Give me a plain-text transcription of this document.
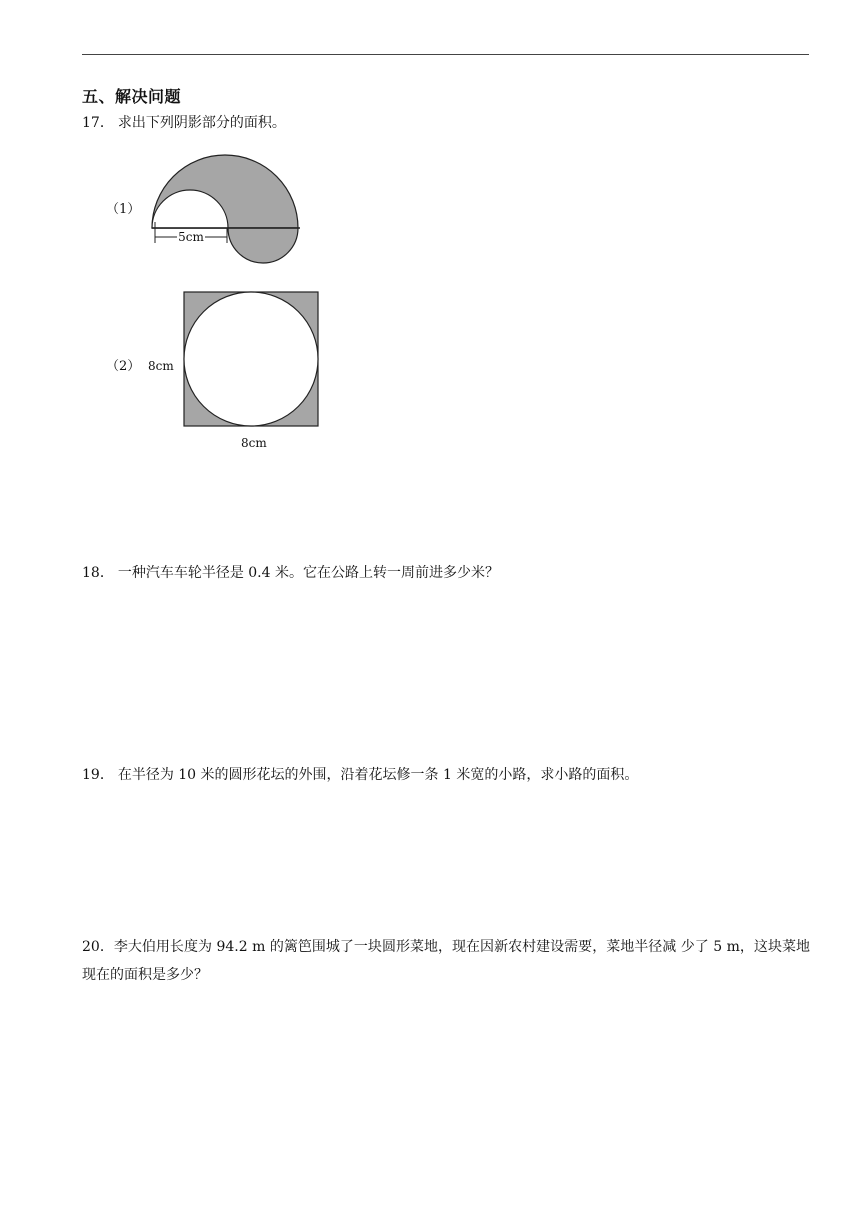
五、解决问题
17． 求出下列阴影部分的面积。
（1）
5cm
（2） 8cm
8cm
18． 一种汽车车轮半径是 0.4 米。它在公路上转一周前进多少米？
19． 在半径为 10 米的圆形花坛的外围，沿着花坛修一条 1 米宽的小路，求小路的面积。
20．李大伯用长度为 94.2 m 的篱笆围城了一块圆形菜地，现在因新农村建设需要，菜地半径减 少了 5 m，这块菜地现在的面积是多少？
